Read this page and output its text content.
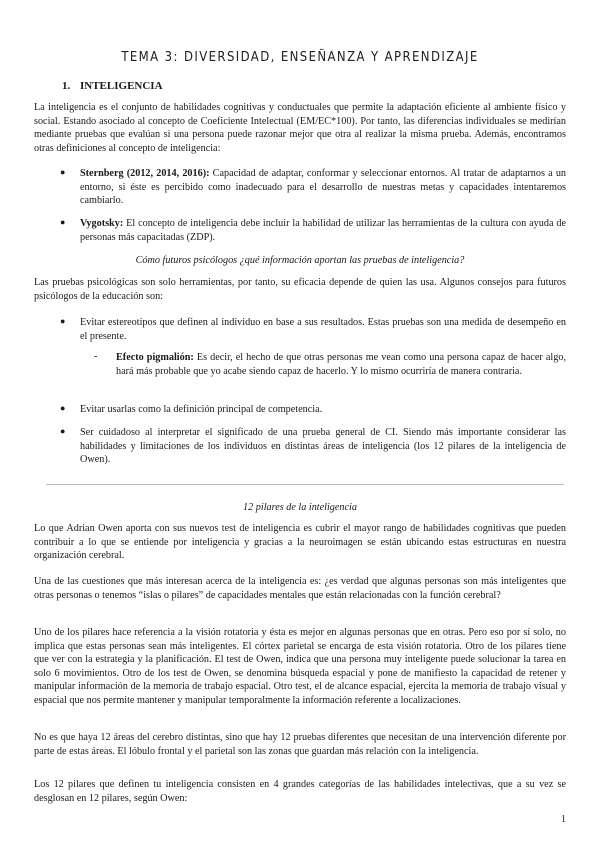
TEMA 3: DIVERSIDAD, ENSEÑANZA Y APRENDIZAJE
1. INTELIGENCIA

La inteligencia es el conjunto de habilidades cognitivas y conductuales que permite la adaptación eficiente al ambiente físico y social. Estando asociado al concepto de Coeficiente Intelectual (EM/EC*100). Por tanto, las diferencias individuales se medirían mediante pruebas que evalúan si una persona puede razonar mejor que otra al realizar la misma prueba. Además, encontramos otras definiciones al concepto de inteligencia:

● Sternberg (2012, 2014, 2016): Capacidad de adaptar, conformar y seleccionar entornos. Al tratar de adaptarnos a un entorno, si éste es percibido como inadecuado para el desarrollo de nuestras metas y capacidades intentaremos cambiarlo.

● Vygotsky: El concepto de inteligencia debe incluir la habilidad de utilizar las herramientas de la cultura con ayuda de personas más capacitadas (ZDP).

Cómo futuros psicólogos ¿qué información aportan las pruebas de inteligencia?

Las pruebas psicológicas son solo herramientas, por tanto, su eficacia depende de quien las usa. Algunos consejos para futuros psicólogos de la educación son:

● Evitar estereotipos que definen al individuo en base a sus resultados. Estas pruebas son una medida de desempeño en el presente.

- Efecto pigmalión: Es decir, el hecho de que otras personas me vean como una persona capaz de hacer algo, hará más probable que yo acabe siendo capaz de hacerlo. Y lo mismo ocurriría de manera contraria.

● Evitar usarlas como la definición principal de competencia.

● Ser cuidadoso al interpretar el significado de una prueba general de CI. Siendo más importante considerar las habilidades y limitaciones de los individuos en distintas áreas de inteligencia (los 12 pilares de la inteligencia de Owen).

12 pilares de la inteligencia

Lo que Adrian Owen aporta con sus nuevos test de inteligencia es cubrir el mayor rango de habilidades cognitivas que pueden contribuir a lo que se entiende por inteligencia y gracias a la neuroimagen se están ubicando estas estructuras en nuestra organización cerebral.

Una de las cuestiones que más interesan acerca de la inteligencia es: ¿es verdad que algunas personas son más inteligentes que otras personas o tenemos “islas o pilares” de capacidades mentales que están relacionadas con la función cerebral?

Uno de los pilares hace referencia a la visión rotatoria y ésta es mejor en algunas personas que en otras. Pero eso por sí solo, no implica que estas personas sean más inteligentes. El córtex parietal se encarga de esta visión rotatoria. Otro de los pilares tiene que ver con la estrategia y la planificación. El test de Owen, indica que una persona muy inteligente puede solucionar la tarea en solo 6 movimientos. Otro de los test de Owen, se denomina búsqueda espacial y pone de manifiesto la capacidad de retener y manipular información de la memoria de trabajo espacial. Otro test, el de alcance espacial, ejercita la memoria de trabajo visual y espacial que nos permite mantener y manipular temporalmente la información referente a localizaciones.

No es que haya 12 áreas del cerebro distintas, sino que hay 12 pruebas diferentes que necesitan de una intervención diferente por parte de estas áreas. El lóbulo frontal y el parietal son las zonas que guardan más relación con la inteligencia.

Los 12 pilares que definen tu inteligencia consisten en 4 grandes categorías de las habilidades intelectivas, que a su vez se desglosan en 12 pilares, según Owen:

1
